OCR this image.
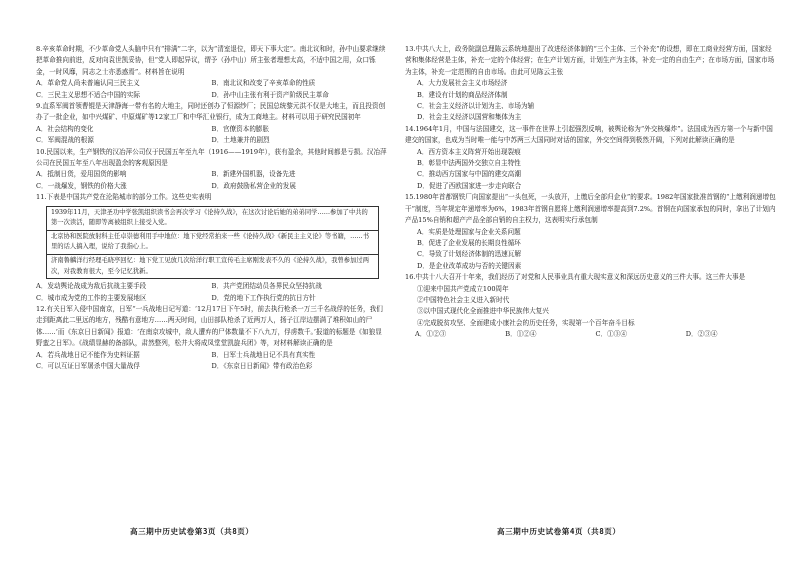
8.辛亥革命时期，不少革命党人头脑中只有“排满”二字，以为“清室退位，即天下事大定”。南北议和时，孙中山要求继续把革命推向前进，反对向袁世凯妥协，但“党人即起异议，谓予（孙中山）所主张者理想太高，不适中国之用，众口铄金，一时风靡，同志之士亦悉惑焉”。材料旨在说明

A．革命党人尚未普遍认同三民主义	B．南北议和改变了辛亥革命的性质
C．三民主义思想不适合中国的实际	D．孙中山主张有利于资产阶级民主革命

9.直系军阀首领曹锟是天津静海一带有名的大地主，同时还创办了恒源纱厂；民国总统黎元洪不仅是大地主，而且投资创办了一批企业，如中兴煤矿、中原煤矿等12家工厂和中华汇业银行，成为工商地主。材料可以用于研究民国初年

A．社会结构的变化	B．官僚资本的膨胀
C．军阀混战的根源	D．土地兼并的剧烈

10.民国以来，生产钢铁的汉冶萍公司仅于民国五年至九年（1916——1919年），获有盈余，其他时间都是亏损。汉冶萍公司在民国五年至八年出现盈余的客观原因是

A．抵制日货，爱用国货的影响	B．新建外国机器，设备先进
C．一战爆发，钢铁的价格大涨	D．政府鼓励私营企业的发展

11.下表是中国共产党在沦陷城市的部分工作。这些史实表明

1939年11月，天津圣功中学张凯组织读书会再次学习《论持久战》，在这次讨论后她的弟弟同学……参加了中共的第一次读活，随即等离被组织上接受入党。
北京协和医院放射科主任卓崇德利用手中地位：地下党经常拍来一些《论持久战》《新民主主义论》等书籍，……书里的话人搞入理，说给了我指心上。
济南鲁麟洋行经理毛晓亭回忆：地下党工见放几次给洋行职工宣传毛主席刚发表不久的《论持久战》，我曾参加过两次，对我教育很大，至今记忆犹新。
A．发动舆论战成为敌后抗战主要手段	B．共产党团结动员各界民众坚持抗战
C．城市成为党的工作的主要发展地区	D．党的地下工作执行党的抗日方针

12.有关日军入侵中国南京，日军“一兵战地日记写道：‘12月17日下午5时，前去执行枪杀一万三千名战俘的任务，我们走到距离此二里远的地方，残酷有意地方……两天时间，山田部队枪杀了近两万人，扬子江岸边摆满了堆积如山的尸体……’而《东京日日新闻》报道：‘在南京攻城中，敌人遭弃的尸体数量不下八九万，俘虏数千。’报道的标题是《如狼显野蛮之日军》。《战绩显赫的备部队，肃然整列，松井大将成凤堂堂凯旋兵团》等，对材料解读正确的是

A．若兵战地日记不能作为史料证据	B．日军士兵战地日记不具有真实性
C．可以互证日军屠杀中国大量战俘	D．《东京日日新闻》带有政治色彩
高三期中历史试卷第3页（共8页）

13.中共八大上，政务院副总理陈云系统地提出了改进经济体制的“三个主体、三个补充”的设想，即在工商业经营方面，国家经营和集体经营是主体，补充一定的个体经营；在生产计划方面，计划生产为主体，补充一定的自由生产；在市场方面，国家市场为主体，补充一定范围的自由市场。由此可见陈云主张

A．大力发展社会主义市场经济
B．建设有计划的商品经济体制
C．社会主义经济以计划为主、市场为辅
D．社会主义经济以国营和集体为主

14.1964年1月，中国与法国建交，这一事件在世界上引起强烈反响，被舆论称为“外交核爆炸”。法国成为西方第一个与新中国建交的国家，也成为当时唯一能与中苏两三大国同时对话的国家，外交空间得到极然开阔，下列对此解读正确的是

A．西方资本主义阵营开始出现裂痕
B．彰显中法两国外交独立自主特性
C．推动西方国家与中国的建交高潮
D．促进了西欧国家进一步走向联合

15.1980年首都钢铁厂向国家提出“一头包死，一头放开，上缴后全部归企业”的要求。1982年国家批准首钢的“上缴利润递增包干”制度，当年规定年递增率为6%，1983年首钢自愿将上缴利润递增率提高到7.2%。首钢在向国家承包的同时，拿出了计划内产品15%自销和超产产品全部自销的自主权力，这表明实行承包制

A．实质是处理国家与企业关系问题
B．促进了企业发展的长期良性循环
C．导致了计划经济体制的迅速瓦解
D．是企业改革成功与否的关键因素

16.中共十八大召开十年来，我们经历了对党和人民事业具有重大现实意义和深远历史意义的三件大事。这三件大事是

①迎来中国共产党成立100周年
②中国特色社会主义进入新时代
③以中国式现代化全面推进中华民族伟大复兴
④完成脱贫攻坚、全面建成小康社会的历史任务，实现第一个百年奋斗目标
A．①②③	B．①②④	C．①③④	D．②③④
高三期中历史试卷第4页（共8页）
